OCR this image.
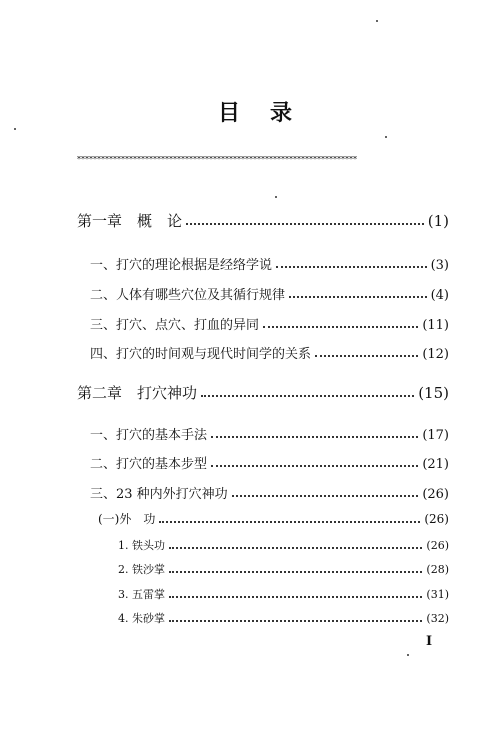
目 录
**********************************************************************
第一章　概　论	(1)
一、打穴的理论根据是经络学说	(3)
二、人体有哪些穴位及其循行规律	(4)
三、打穴、点穴、打血的异同	(11)
四、打穴的时间观与现代时间学的关系	(12)
第二章　打穴神功	(15)
一、打穴的基本手法	(17)
二、打穴的基本步型	(21)
三、23 种内外打穴神功	(26)
(一)外　功	(26)
1. 铁头功	(26)
2. 铁沙掌	(28)
3. 五雷掌	(31)
4. 朱砂掌	(32)
I
